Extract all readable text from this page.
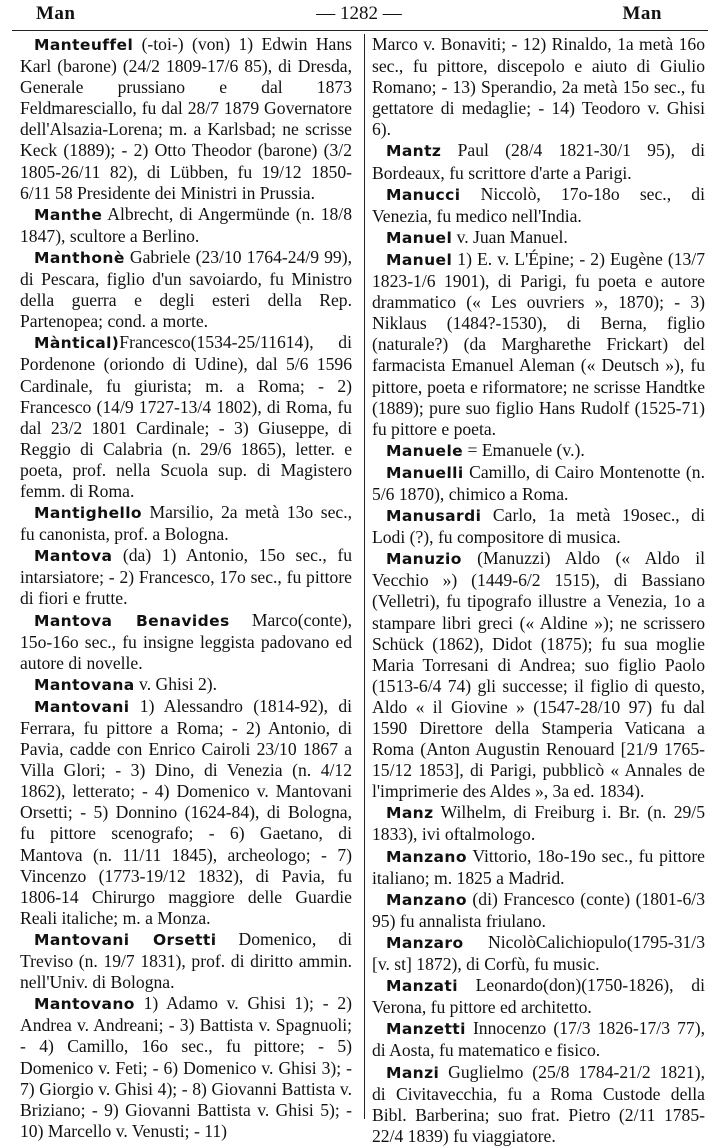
— 1282 —
Man	Man

Manteuffel (-toi-) (von) 1) Edwin Hans Karl (barone) (24/2 1809-17/6 85), di Dresda, Generale prussiano e dal 1873 Feldmaresciallo, fu dal 28/7 1879 Governatore dell'Alsazia-Lorena; m. a Karlsbad; ne scrisse Keck (1889); - 2) Otto Theodor (barone) (3/2 1805-26/11 82), di Lübben, fu 19/12 1850-6/11 58 Presidente dei Ministri in Prussia.

Manthe Albrecht, di Angermünde (n. 18/8 1847), scultore a Berlino.

Manthonè Gabriele (23/10 1764-24/9 99), di Pescara, figlio d'un savoiardo, fu Ministro della guerra e degli esteri della Rep. Partenopea; cond. a morte.

Màntical)Francesco(1534-25/11614), di Pordenone (oriondo di Udine), dal 5/6 1596 Cardinale, fu giurista; m. a Roma; - 2) Francesco (14/9 1727-13/4 1802), di Roma, fu dal 23/2 1801 Cardinale; - 3) Giuseppe, di Reggio di Calabria (n. 29/6 1865), letter. e poeta, prof. nella Scuola sup. di Magistero femm. di Roma.

Mantighello Marsilio, 2a metà 13o sec., fu canonista, prof. a Bologna.

Mantova (da) 1) Antonio, 15o sec., fu intarsiatore; - 2) Francesco, 17o sec., fu pittore di fiori e frutte.

Mantova Benavides Marco(conte), 15o-16o sec., fu insigne leggista padovano ed autore di novelle.

Mantovana v. Ghisi 2).

Mantovani 1) Alessandro (1814-92), di Ferrara, fu pittore a Roma; - 2) Antonio, di Pavia, cadde con Enrico Cairoli 23/10 1867 a Villa Glori; - 3) Dino, di Venezia (n. 4/12 1862), letterato; - 4) Domenico v. Mantovani Orsetti; - 5) Donnino (1624-84), di Bologna, fu pittore scenografo; - 6) Gaetano, di Mantova (n. 11/11 1845), archeologo; - 7) Vincenzo (1773-19/12 1832), di Pavia, fu 1806-14 Chirurgo maggiore delle Guardie Reali italiche; m. a Monza.

Mantovani Orsetti Domenico, di Treviso (n. 19/7 1831), prof. di diritto ammin. nell'Univ. di Bologna.

Mantovano 1) Adamo v. Ghisi 1); - 2) Andrea v. Andreani; - 3) Battista v. Spagnuoli; - 4) Camillo, 16o sec., fu pittore; - 5) Domenico v. Feti; - 6) Domenico v. Ghisi 3); - 7) Giorgio v. Ghisi 4); - 8) Giovanni Battista v. Briziano; - 9) Giovanni Battista v. Ghisi 5); - 10) Marcello v. Venusti; - 11)

Marco v. Bonaviti; - 12) Rinaldo, 1a metà 16o sec., fu pittore, discepolo e aiuto di Giulio Romano; - 13) Sperandio, 2a metà 15o sec., fu gettatore di medaglie; - 14) Teodoro v. Ghisi 6).

Mantz Paul (28/4 1821-30/1 95), di Bordeaux, fu scrittore d'arte a Parigi.

Manucci Niccolò, 17o-18o sec., di Venezia, fu medico nell'India.

Manuel v. Juan Manuel.

Manuel 1) E. v. L'Épine; - 2) Eugène (13/7 1823-1/6 1901), di Parigi, fu poeta e autore drammatico (« Les ouvriers », 1870); - 3) Niklaus (1484?-1530), di Berna, figlio (naturale?) (da Margharethe Frickart) del farmacista Emanuel Aleman (« Deutsch »), fu pittore, poeta e riformatore; ne scrisse Handtke (1889); pure suo figlio Hans Rudolf (1525-71) fu pittore e poeta.

Manuele = Emanuele (v.).

Manuelli Camillo, di Cairo Montenotte (n. 5/6 1870), chimico a Roma.

Manusardi Carlo, 1a metà 19osec., di Lodi (?), fu compositore di musica.

Manuzio (Manuzzi) Aldo (« Aldo il Vecchio ») (1449-6/2 1515), di Bassiano (Velletri), fu tipografo illustre a Venezia, 1o a stampare libri greci (« Aldine »); ne scrissero Schück (1862), Didot (1875); fu sua moglie Maria Torresani di Andrea; suo figlio Paolo (1513-6/4 74) gli successe; il figlio di questo, Aldo « il Giovine » (1547-28/10 97) fu dal 1590 Direttore della Stamperia Vaticana a Roma (Anton Augustin Renouard [21/9 1765-15/12 1853], di Parigi, pubblicò « Annales de l'imprimerie des Aldes », 3a ed. 1834).

Manz Wilhelm, di Freiburg i. Br. (n. 29/5 1833), ivi oftalmologo.

Manzano Vittorio, 18o-19o sec., fu pittore italiano; m. 1825 a Madrid.

Manzano (di) Francesco (conte) (1801-6/3 95) fu annalista friulano.

Manzaro NicolòCalichiopulo(1795-31/3 [v. st] 1872), di Corfù, fu music.

Manzati Leonardo(don)(1750-1826), di Verona, fu pittore ed architetto.

Manzetti Innocenzo (17/3 1826-17/3 77), di Aosta, fu matematico e fisico.

Manzi Guglielmo (25/8 1784-21/2 1821), di Civitavecchia, fu a Roma Custode della Bibl. Barberina; suo frat. Pietro (2/11 1785-22/4 1839) fu viaggiatore.
